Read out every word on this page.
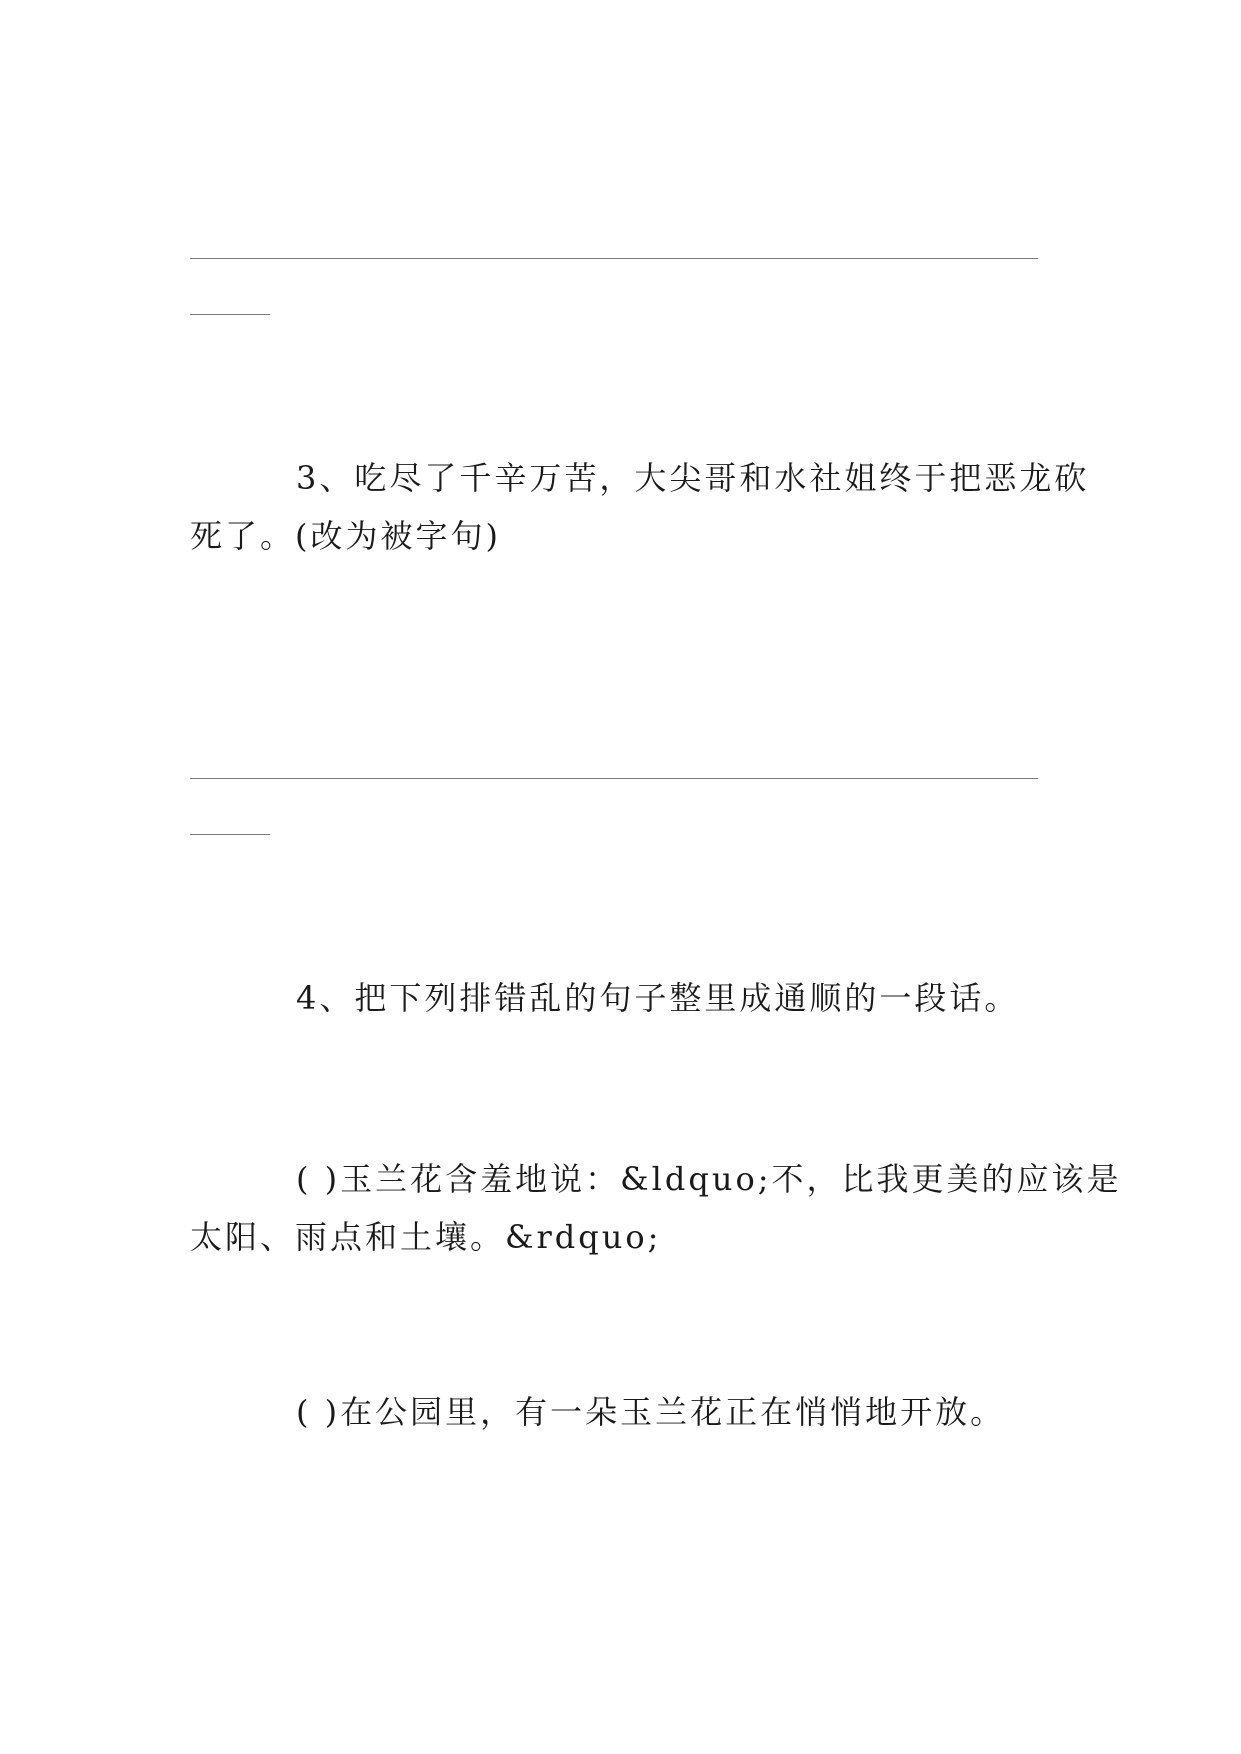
3、吃尽了千辛万苦，大尖哥和水社姐终于把恶龙砍
死了。(改为被字句)
4、把下列排错乱的句子整里成通顺的一段话。
( )玉兰花含羞地说：&ldquo;不，比我更美的应该是
太阳、雨点和土壤。&rdquo;
( )在公园里，有一朵玉兰花正在悄悄地开放。
